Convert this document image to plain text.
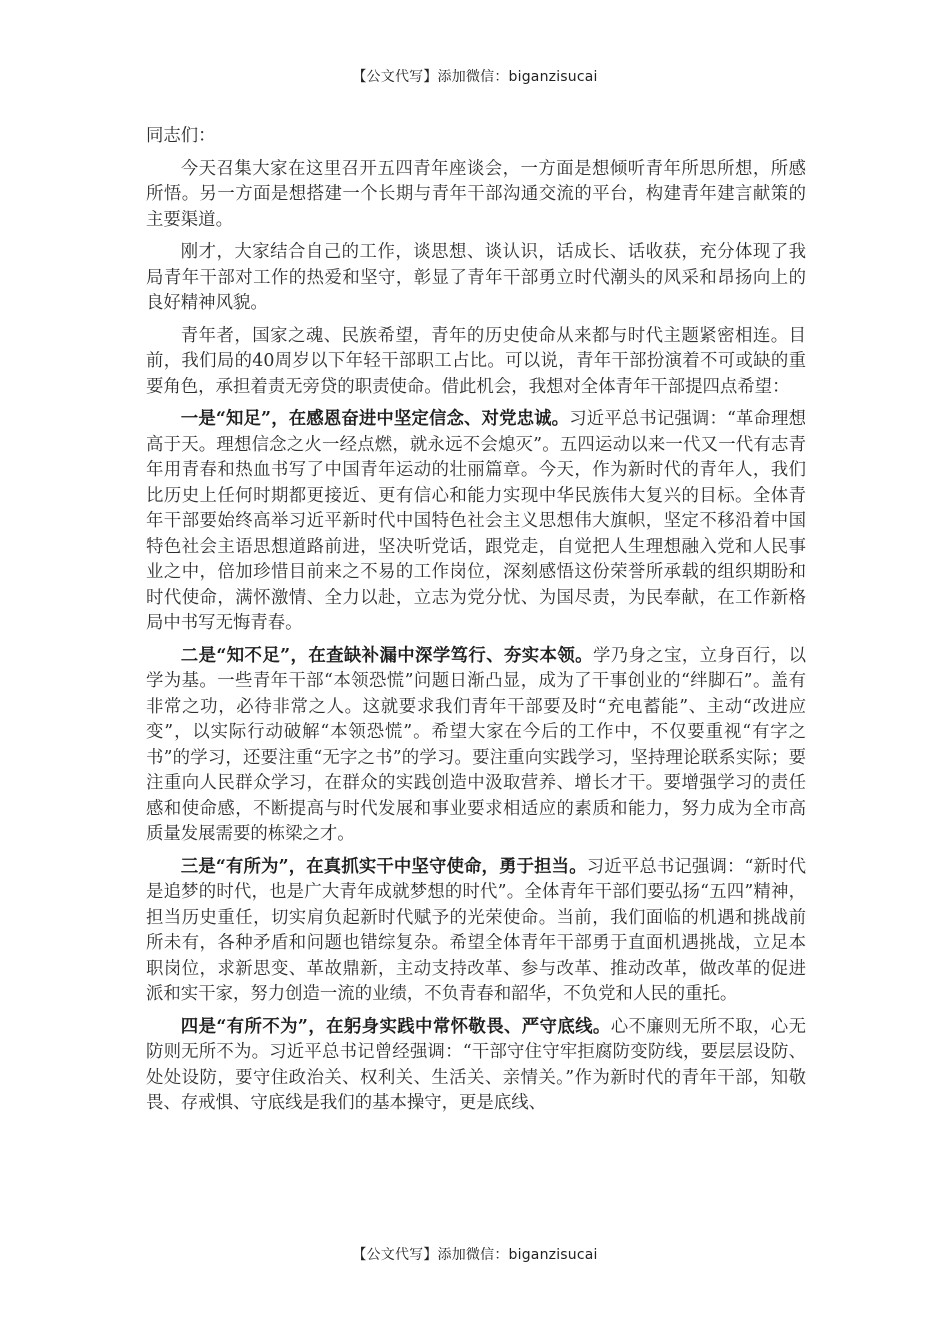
【公文代写】添加微信：biganzisucai

同志们：

今天召集大家在这里召开五四青年座谈会，一方面是想倾听青年所思所想，所感所悟。另一方面是想搭建一个长期与青年干部沟通交流的平台，构建青年建言献策的主要渠道。

刚才，大家结合自己的工作，谈思想、谈认识，话成长、话收获，充分体现了我局青年干部对工作的热爱和坚守，彰显了青年干部勇立时代潮头的风采和昂扬向上的良好精神风貌。

青年者，国家之魂、民族希望，青年的历史使命从来都与时代主题紧密相连。目前，我们局的40周岁以下年轻干部职工占比。可以说，青年干部扮演着不可或缺的重要角色，承担着责无旁贷的职责使命。借此机会，我想对全体青年干部提四点希望：

一是“知足”，在感恩奋进中坚定信念、对党忠诚。习近平总书记强调：“革命理想高于天。理想信念之火一经点燃，就永远不会熄灭”。五四运动以来一代又一代有志青年用青春和热血书写了中国青年运动的壮丽篇章。今天，作为新时代的青年人，我们比历史上任何时期都更接近、更有信心和能力实现中华民族伟大复兴的目标。全体青年干部要始终高举习近平新时代中国特色社会主义思想伟大旗帜，坚定不移沿着中国特色社会主语思想道路前进，坚决听党话，跟党走，自觉把人生理想融入党和人民事业之中，倍加珍惜目前来之不易的工作岗位，深刻感悟这份荣誉所承载的组织期盼和时代使命，满怀激情、全力以赴，立志为党分忧、为国尽责，为民奉献，在工作新格局中书写无悔青春。

二是“知不足”，在查缺补漏中深学笃行、夯实本领。学乃身之宝，立身百行，以学为基。一些青年干部“本领恐慌”问题日渐凸显，成为了干事创业的“绊脚石”。盖有非常之功，必待非常之人。这就要求我们青年干部要及时“充电蓄能”、主动“改进应变”，以实际行动破解“本领恐慌”。希望大家在今后的工作中，不仅要重视“有字之书”的学习，还要注重“无字之书”的学习。要注重向实践学习，坚持理论联系实际；要注重向人民群众学习，在群众的实践创造中汲取营养、增长才干。要增强学习的责任感和使命感，不断提高与时代发展和事业要求相适应的素质和能力，努力成为全市高质量发展需要的栋梁之才。

三是“有所为”，在真抓实干中坚守使命，勇于担当。习近平总书记强调：“新时代是追梦的时代，也是广大青年成就梦想的时代”。全体青年干部们要弘扬“五四”精神，担当历史重任，切实肩负起新时代赋予的光荣使命。当前，我们面临的机遇和挑战前所未有，各种矛盾和问题也错综复杂。希望全体青年干部勇于直面机遇挑战，立足本职岗位，求新思变、革故鼎新，主动支持改革、参与改革、推动改革，做改革的促进派和实干家，努力创造一流的业绩，不负青春和韶华，不负党和人民的重托。

四是“有所不为”，在躬身实践中常怀敬畏、严守底线。心不廉则无所不取，心无防则无所不为。习近平总书记曾经强调：“干部守住守牢拒腐防变防线，要层层设防、处处设防，要守住政治关、权利关、生活关、亲情关。”作为新时代的青年干部，知敬畏、存戒惧、守底线是我们的基本操守，更是底线、

【公文代写】添加微信：biganzisucai
